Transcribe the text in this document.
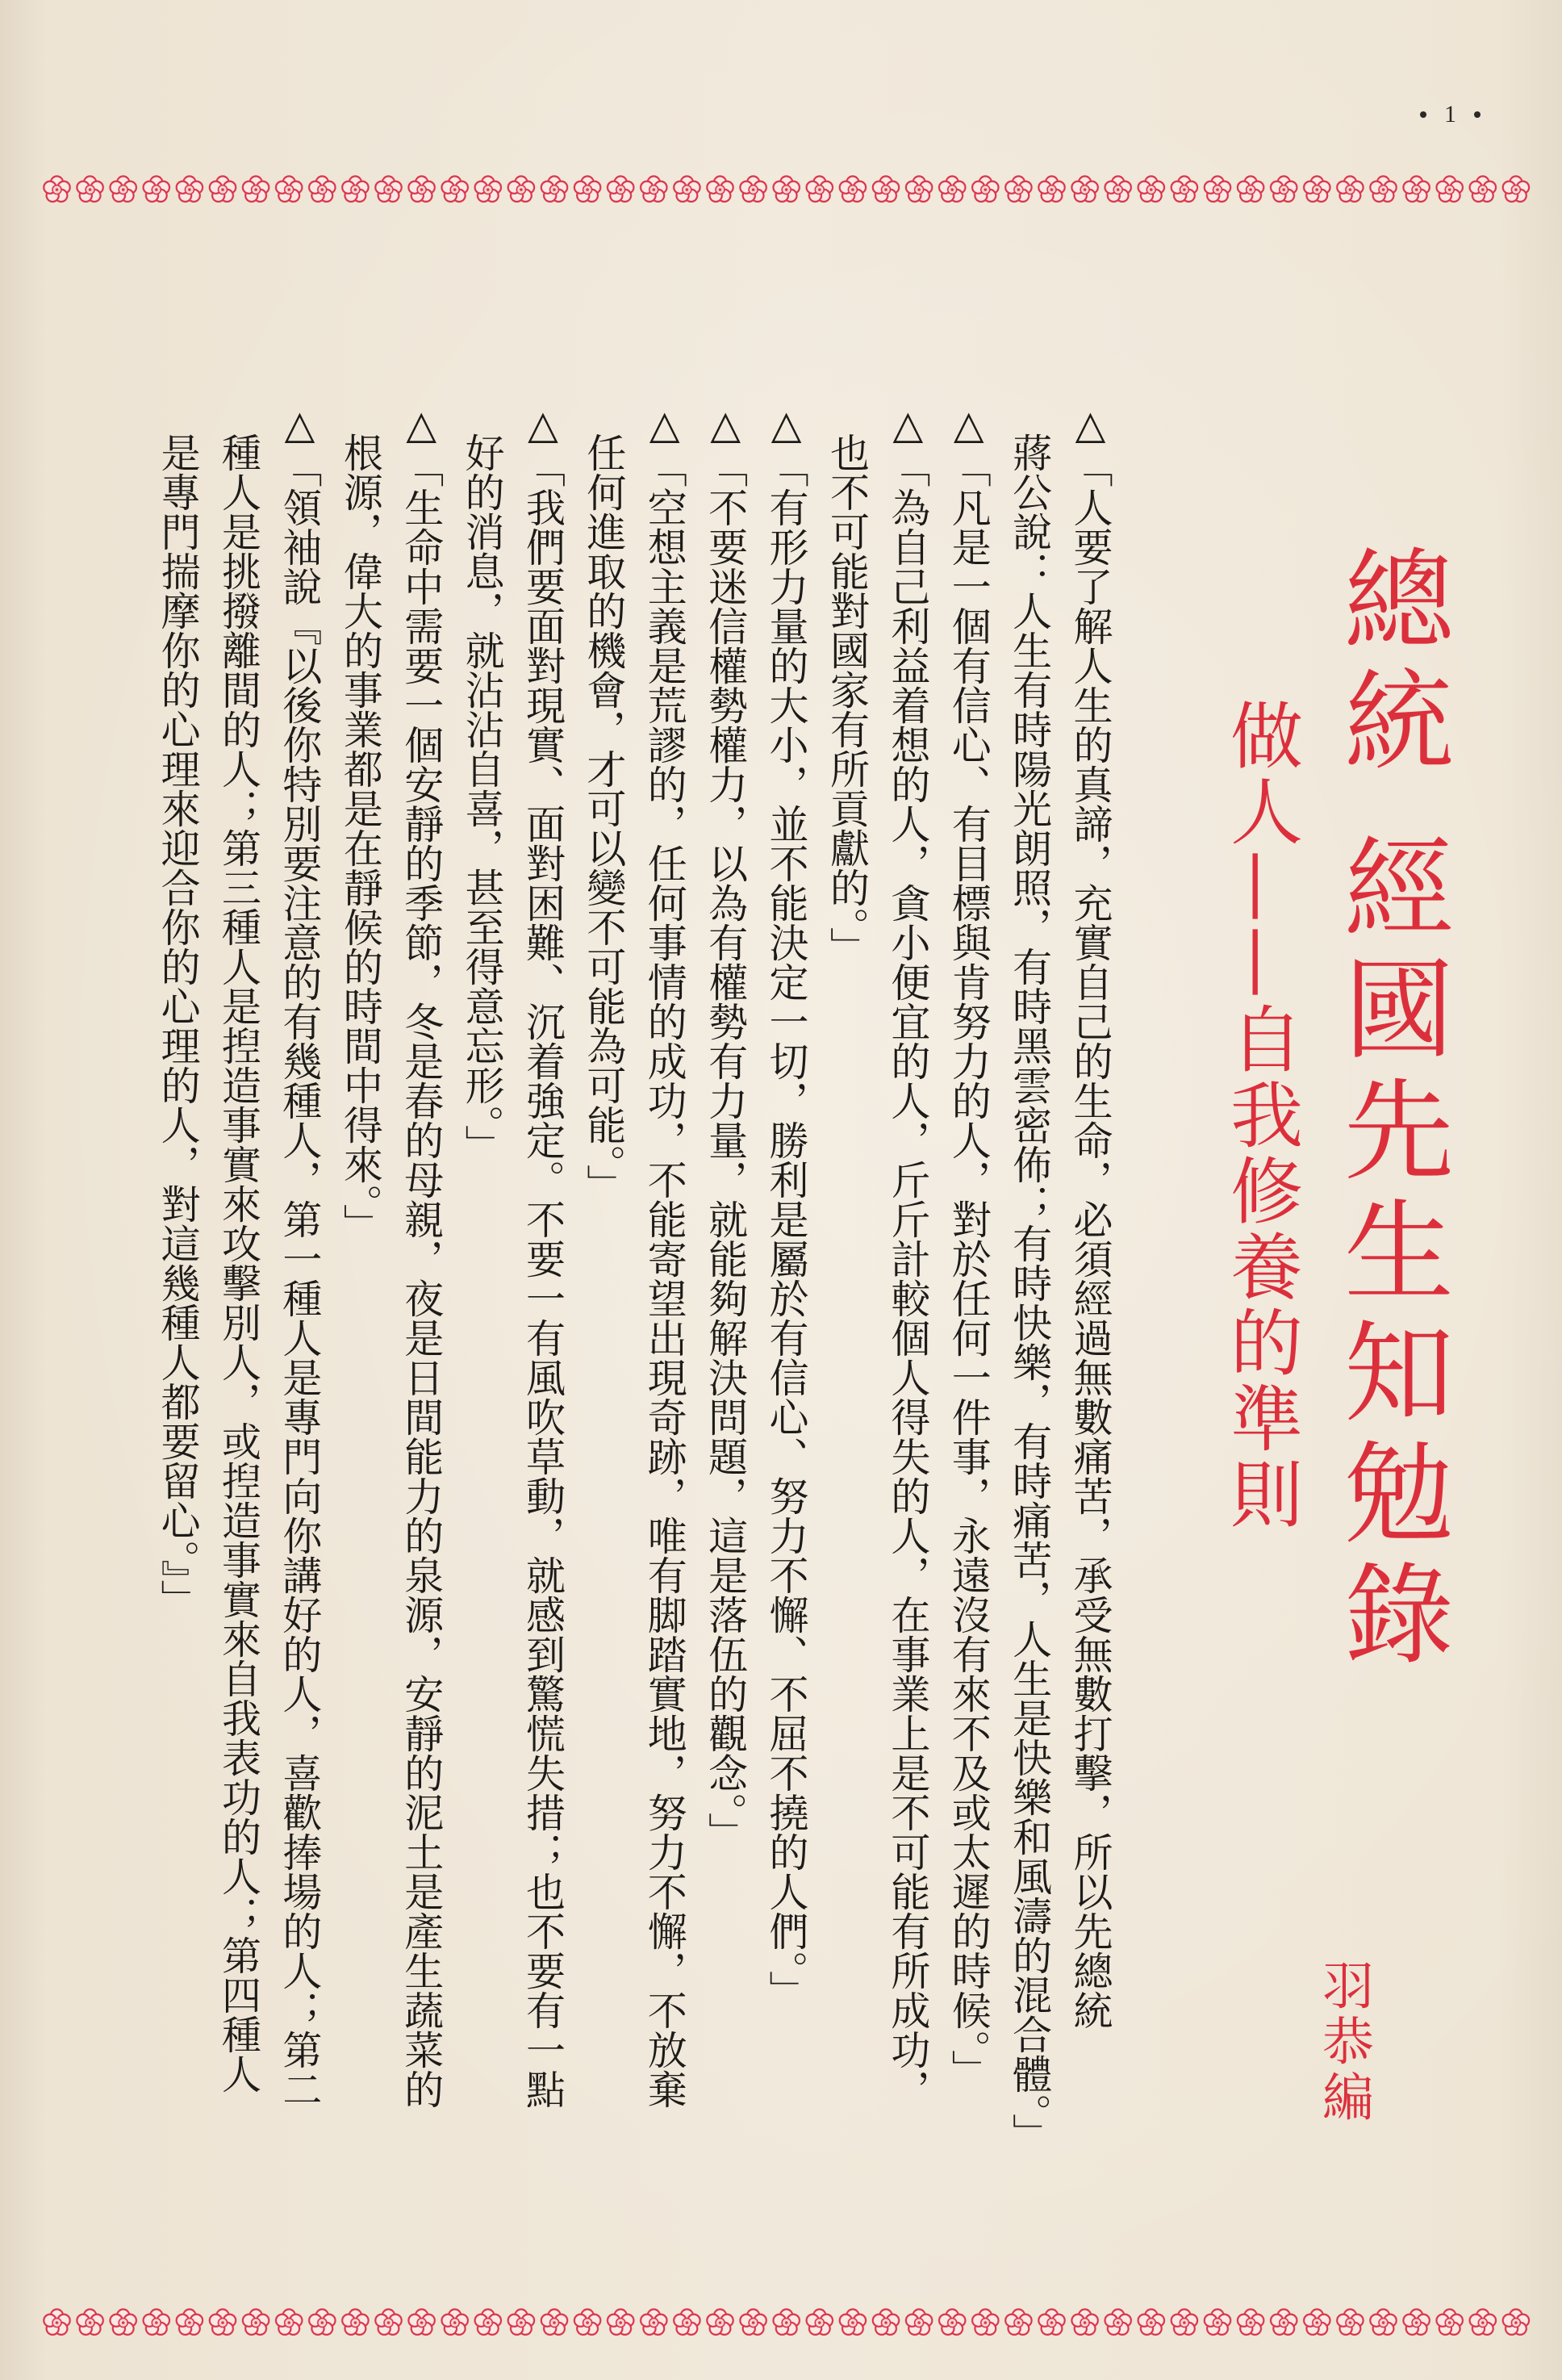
1
總統 經國先生知勉錄
做人——自我修養的準則
羽恭編

△「人要了解人生的真諦，充實自己的生命，必須經過無數痛苦，承受無數打擊，所以先總統

蔣公說：人生有時陽光朗照，有時黑雲密佈；有時快樂，有時痛苦，人生是快樂和風濤的混合體。」

△「凡是一個有信心、有目標與肯努力的人，對於任何一件事，永遠沒有來不及或太遲的時候。」

△「為自己利益着想的人，貪小便宜的人，斤斤計較個人得失的人，在事業上是不可能有所成功，

也不可能對國家有所貢獻的。」

△「有形力量的大小，並不能決定一切，勝利是屬於有信心、努力不懈、不屈不撓的人們。」

△「不要迷信權勢權力，以為有權勢有力量，就能夠解決問題，這是落伍的觀念。」

△「空想主義是荒謬的，任何事情的成功，不能寄望出現奇跡，唯有脚踏實地，努力不懈，不放棄

任何進取的機會，才可以變不可能為可能。」

△「我們要面對現實、面對困難、沉着強定。不要一有風吹草動，就感到驚慌失措；也不要有一點

好的消息，就沾沾自喜，甚至得意忘形。」

△「生命中需要一個安靜的季節，冬是春的母親，夜是日間能力的泉源，安靜的泥土是產生蔬菜的

根源，偉大的事業都是在靜候的時間中得來。」

△「領袖說『以後你特別要注意的有幾種人，第一種人是專門向你講好的人，喜歡捧場的人；第二

種人是挑撥離間的人；第三種人是揑造事實來攻擊別人，或揑造事實來自我表功的人；第四種人

是專門揣摩你的心理來迎合你的心理的人，對這幾種人都要留心。』」
